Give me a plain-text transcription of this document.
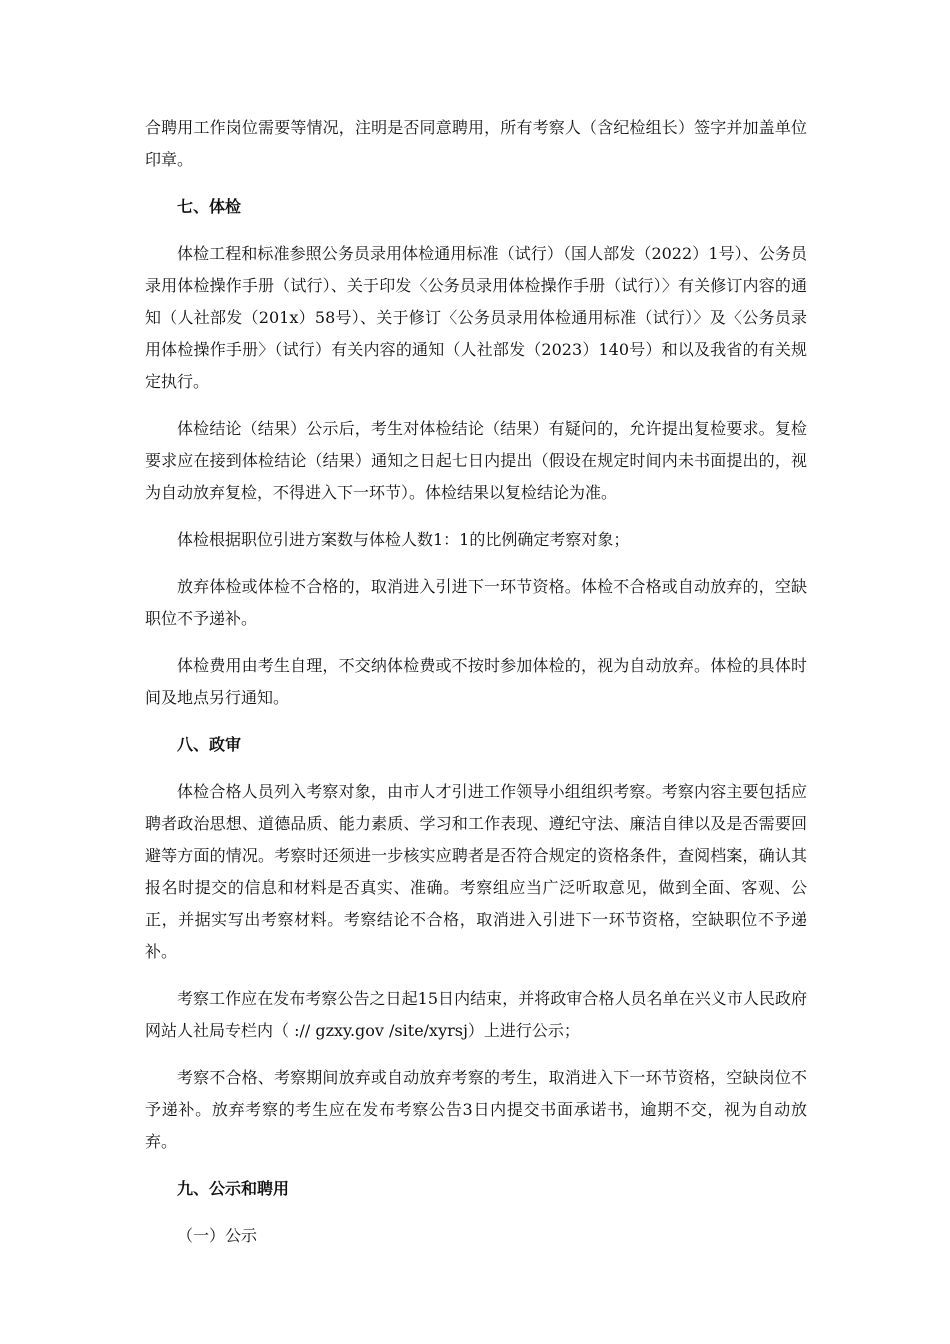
合聘用工作岗位需要等情况，注明是否同意聘用，所有考察人（含纪检组长）签字并加盖单位印章。

七、体检

体检工程和标准参照公务员录用体检通用标准（试行）（国人部发（2022）1号）、公务员录用体检操作手册（试行）、关于印发〈公务员录用体检操作手册（试行）〉有关修订内容的通知（人社部发（201x）58号）、关于修订〈公务员录用体检通用标准（试行）〉及〈公务员录用体检操作手册〉（试行）有关内容的通知（人社部发（2023）140号）和以及我省的有关规定执行。

体检结论（结果）公示后，考生对体检结论（结果）有疑问的，允许提出复检要求。复检要求应在接到体检结论（结果）通知之日起七日内提出（假设在规定时间内未书面提出的，视为自动放弃复检，不得进入下一环节）。体检结果以复检结论为准。

体检根据职位引进方案数与体检人数1：1的比例确定考察对象；

放弃体检或体检不合格的，取消进入引进下一环节资格。体检不合格或自动放弃的，空缺职位不予递补。

体检费用由考生自理，不交纳体检费或不按时参加体检的，视为自动放弃。体检的具体时间及地点另行通知。

八、政审

体检合格人员列入考察对象，由市人才引进工作领导小组组织考察。考察内容主要包括应聘者政治思想、道德品质、能力素质、学习和工作表现、遵纪守法、廉洁自律以及是否需要回避等方面的情况。考察时还须进一步核实应聘者是否符合规定的资格条件，查阅档案，确认其报名时提交的信息和材料是否真实、准确。考察组应当广泛听取意见，做到全面、客观、公正，并据实写出考察材料。考察结论不合格，取消进入引进下一环节资格，空缺职位不予递补。

考察工作应在发布考察公告之日起15日内结束，并将政审合格人员名单在兴义市人民政府网站人社局专栏内（ :// gzxy.gov /site/xyrsj）上进行公示；

考察不合格、考察期间放弃或自动放弃考察的考生，取消进入下一环节资格，空缺岗位不予递补。放弃考察的考生应在发布考察公告3日内提交书面承诺书，逾期不交，视为自动放弃。

九、公示和聘用

（一）公示
